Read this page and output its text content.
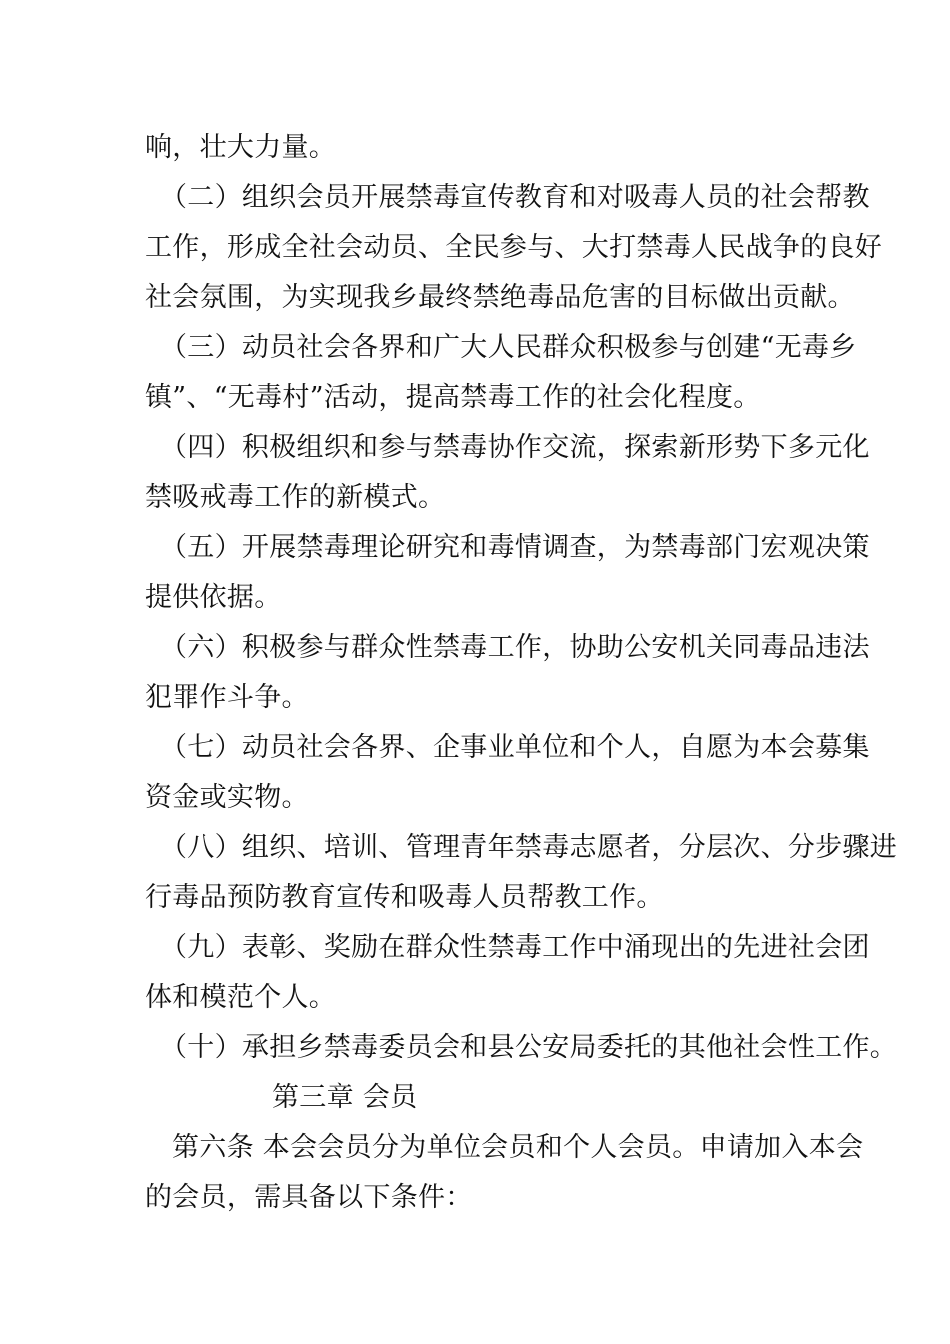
响，壮大力量。
（二）组织会员开展禁毒宣传教育和对吸毒人员的社会帮教
工作，形成全社会动员、全民参与、大打禁毒人民战争的良好
社会氛围，为实现我乡最终禁绝毒品危害的目标做出贡献。
（三）动员社会各界和广大人民群众积极参与创建“无毒乡
镇”、“无毒村”活动，提高禁毒工作的社会化程度。
（四）积极组织和参与禁毒协作交流，探索新形势下多元化
禁吸戒毒工作的新模式。
（五）开展禁毒理论研究和毒情调查，为禁毒部门宏观决策
提供依据。
（六）积极参与群众性禁毒工作，协助公安机关同毒品违法
犯罪作斗争。
（七）动员社会各界、企事业单位和个人，自愿为本会募集
资金或实物。
（八）组织、培训、管理青年禁毒志愿者，分层次、分步骤进
行毒品预防教育宣传和吸毒人员帮教工作。
（九）表彰、奖励在群众性禁毒工作中涌现出的先进社会团
体和模范个人。
（十）承担乡禁毒委员会和县公安局委托的其他社会性工作。
第三章 会员
第六条 本会会员分为单位会员和个人会员。申请加入本会
的会员，需具备以下条件：
